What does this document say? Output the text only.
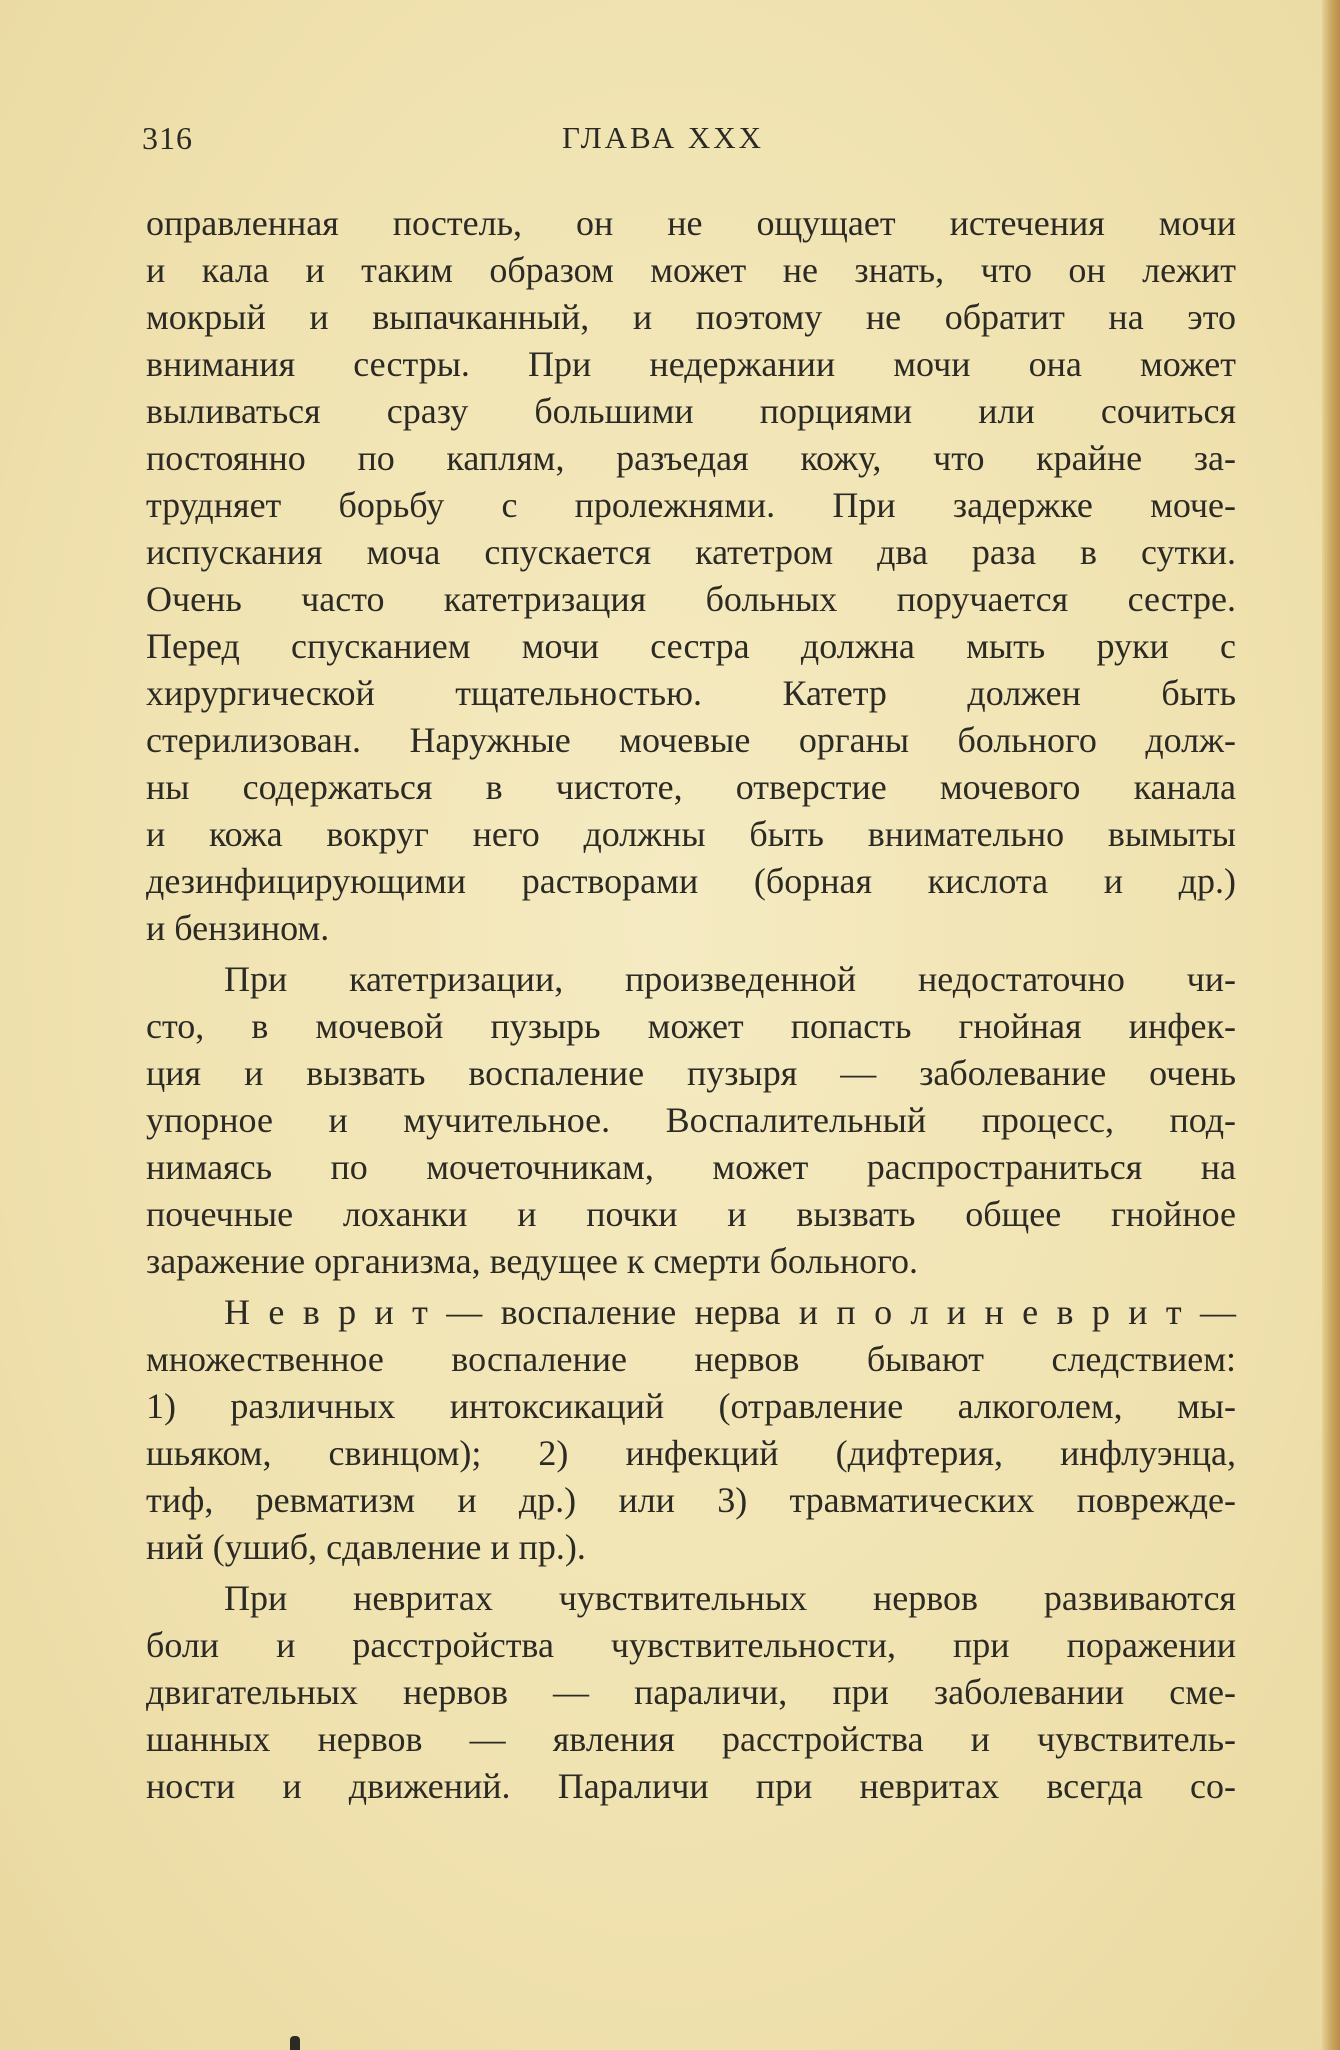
316	ГЛАВА XXX
оправленная постель, он не ощущает истечения мочи
и кала и таким образом может не знать, что он лежит
мокрый и выпачканный, и поэтому не обратит на это
внимания сестры. При недержании мочи она может
выливаться сразу большими порциями или сочиться
постоянно по каплям, разъедая кожу, что крайне за-
трудняет борьбу с пролежнями. При задержке моче-
испускания моча спускается катетром два раза в сутки.
Очень часто катетризация больных поручается сестре.
Перед спусканием мочи сестра должна мыть руки с
хирургической тщательностью. Катетр должен быть
стерилизован. Наружные мочевые органы больного долж-
ны содержаться в чистоте, отверстие мочевого канала
и кожа вокруг него должны быть внимательно вымыты
дезинфицирующими растворами (борная кислота и др.)
и бензином.
При катетризации, произведенной недостаточно чи-
сто, в мочевой пузырь может попасть гнойная инфек-
ция и вызвать воспаление пузыря — заболевание очень
упорное и мучительное. Воспалительный процесс, под-
нимаясь по мочеточникам, может распространиться на
почечные лоханки и почки и вызвать общее гнойное
заражение организма, ведущее к смерти больного.
Н е в р и т — воспаление нерва и п о л и н е в р и т —
множественное воспаление нервов бывают следствием:
1) различных интоксикаций (отравление алкоголем, мы-
шьяком, свинцом); 2) инфекций (дифтерия, инфлуэнца,
тиф, ревматизм и др.) или 3) травматических поврежде-
ний (ушиб, сдавление и пр.).
При невритах чувствительных нервов развиваются
боли и расстройства чувствительности, при поражении
двигательных нервов — параличи, при заболевании сме-
шанных нервов — явления расстройства и чувствитель-
ности и движений. Параличи при невритах всегда со-
